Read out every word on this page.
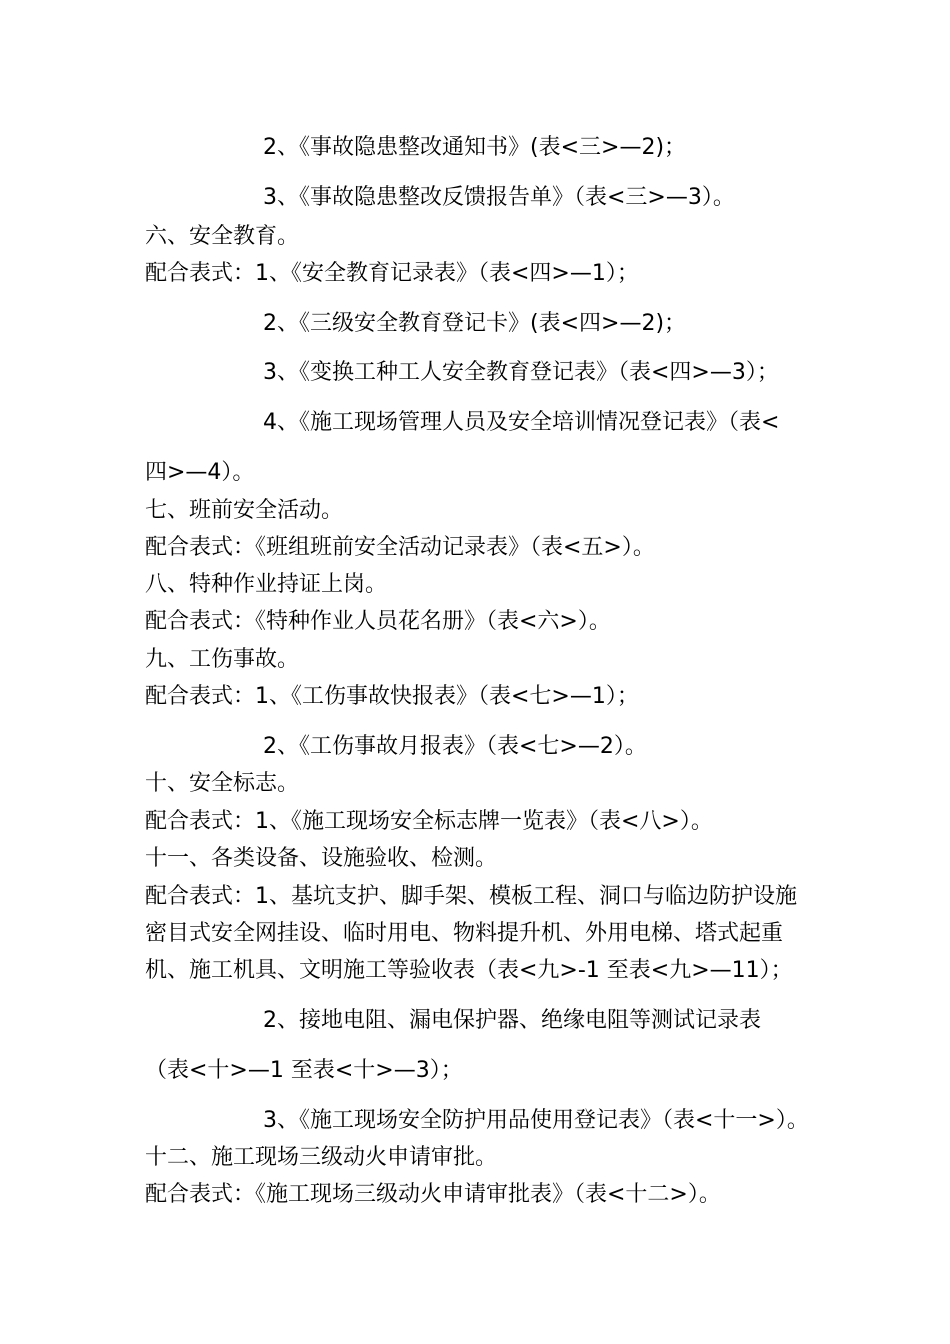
2、《事故隐患整改通知书》(表<三>—2)；
3、《事故隐患整改反馈报告单》（表<三>—3）。
六、安全教育。
配合表式：1、《安全教育记录表》（表<四>—1）；
2、《三级安全教育登记卡》(表<四>—2)；
3、《变换工种工人安全教育登记表》（表<四>—3）；
4、《施工现场管理人员及安全培训情况登记表》（表<
四>—4）。
七、班前安全活动。
配合表式：《班组班前安全活动记录表》（表<五>）。
八、特种作业持证上岗。
配合表式：《特种作业人员花名册》（表<六>）。
九、工伤事故。
配合表式：1、《工伤事故快报表》（表<七>—1）；
2、《工伤事故月报表》（表<七>—2）。
十、安全标志。
配合表式：1、《施工现场安全标志牌一览表》（表<八>）。
十一、各类设备、设施验收、检测。
配合表式：1、基坑支护、脚手架、模板工程、洞口与临边防护设施
密目式安全网挂设、临时用电、物料提升机、外用电梯、塔式起重
机、施工机具、文明施工等验收表（表<九>-1 至表<九>—11）；
2、接地电阻、漏电保护器、绝缘电阻等测试记录表
（表<十>—1 至表<十>—3）；
3、《施工现场安全防护用品使用登记表》（表<十一>）。
十二、施工现场三级动火申请审批。
配合表式：《施工现场三级动火申请审批表》（表<十二>）。
